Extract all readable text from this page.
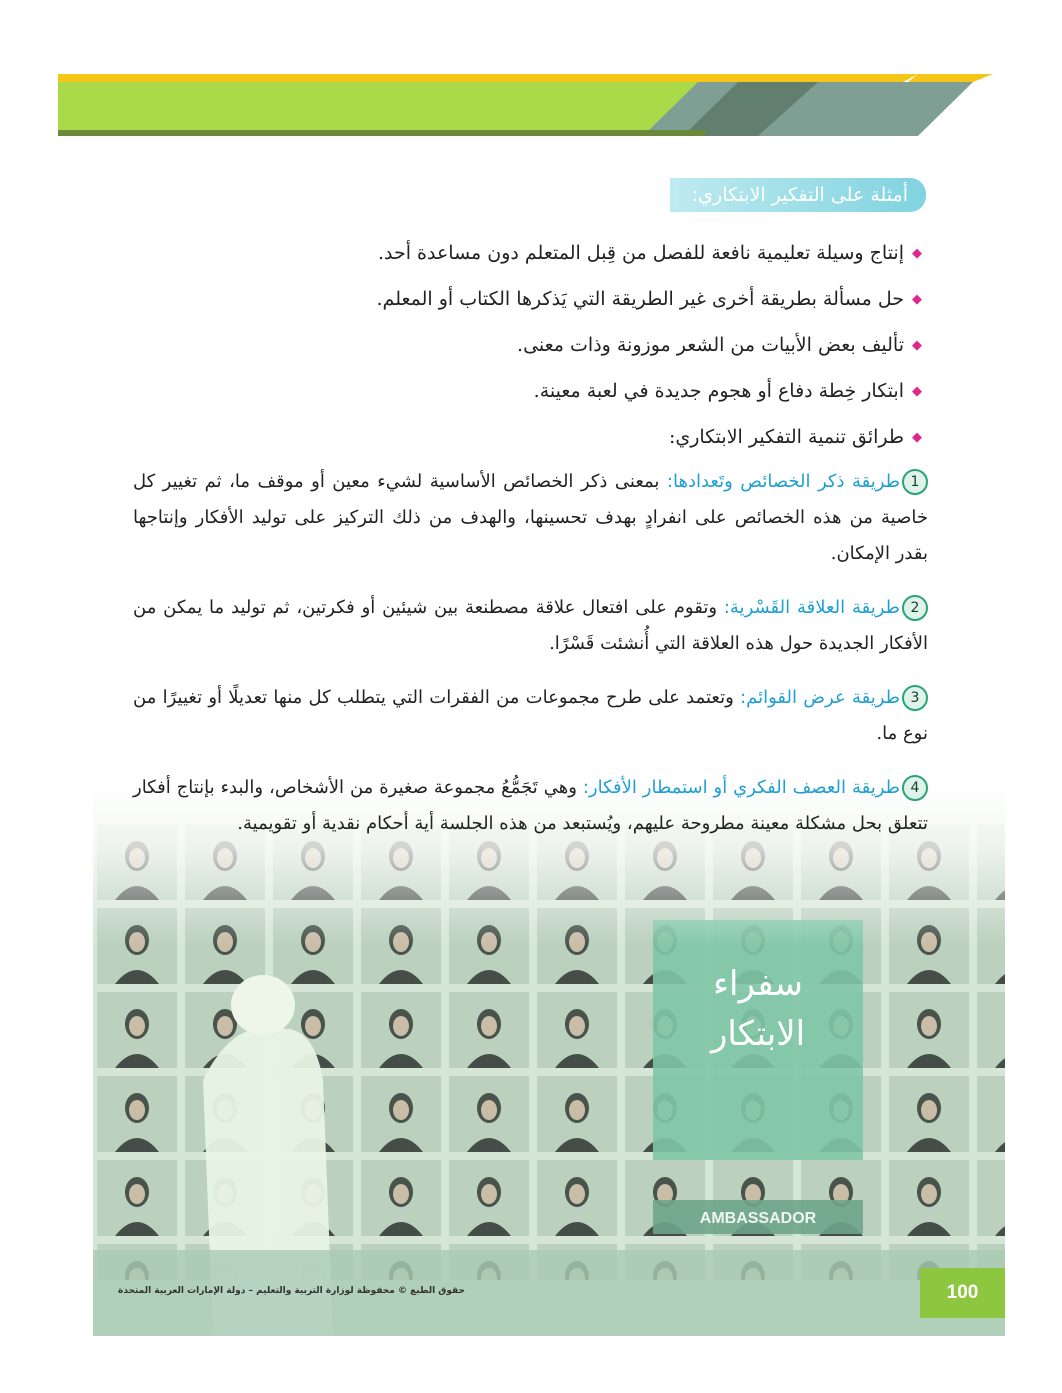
أمثلة على التفكير الابتكاري:
◆إنتاج وسيلة تعليمية نافعة للفصل من قِبل المتعلم دون مساعدة أحد.
◆حل مسألة بطريقة أخرى غير الطريقة التي يَذكرها الكتاب أو المعلم.
◆تأليف بعض الأبيات من الشعر موزونة وذات معنى.
◆ابتكار خِطة دفاع أو هجوم جديدة في لعبة معينة.
◆طرائق تنمية التفكير الابتكاري:

1طريقة ذكر الخصائص وتَعدادها: بمعنى ذكر الخصائص الأساسية لشيء معين أو موقف ما، ثم تغيير كل خاصية من هذه الخصائص على انفرادٍ بهدف تحسينها، والهدف من ذلك التركيز على توليد الأفكار وإنتاجها بقدر الإمكان.

2طريقة العلاقة القَسْرية: وتقوم على افتعال علاقة مصطنعة بين شيئين أو فكرتين، ثم توليد ما يمكن من الأفكار الجديدة حول هذه العلاقة التي أُنشئت قَسْرًا.

3طريقة عرض القوائم: وتعتمد على طرح مجموعات من الفقرات التي يتطلب كل منها تعديلًا أو تغييرًا من نوع ما.

4طريقة العصف الفكري أو استمطار الأفكار: وهي تَجَمُّعُ مجموعة صغيرة من الأشخاص، والبدء بإنتاج أفكار تتعلق بحل مشكلة معينة مطروحة عليهم، ويُستبعد من هذه الجلسة أية أحكام نقدية أو تقويمية.

حقوق الطبع © محفوظة لوزارة التربية والتعليم – دولة الإمارات العربية المتحدة	100
